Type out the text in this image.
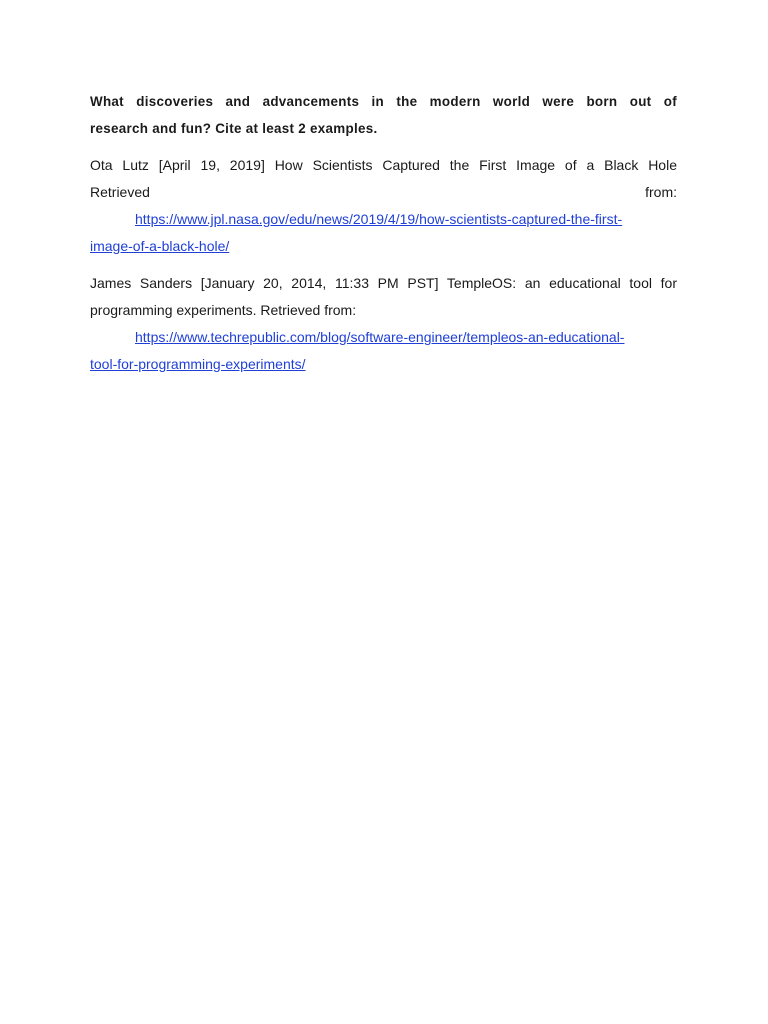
What discoveries and advancements in the modern world were born out of
research and fun? Cite at least 2 examples.
Ota Lutz [April 19, 2019] How Scientists Captured the First Image of a Black Hole
Retrieved	from:
https://www.jpl.nasa.gov/edu/news/2019/4/19/how-scientists-captured-the-first-
image-of-a-black-hole/
James Sanders [January 20, 2014, 11:33 PM PST] TempleOS: an educational tool for
programming experiments. Retrieved from:
https://www.techrepublic.com/blog/software-engineer/templeos-an-educational-
tool-for-programming-experiments/
